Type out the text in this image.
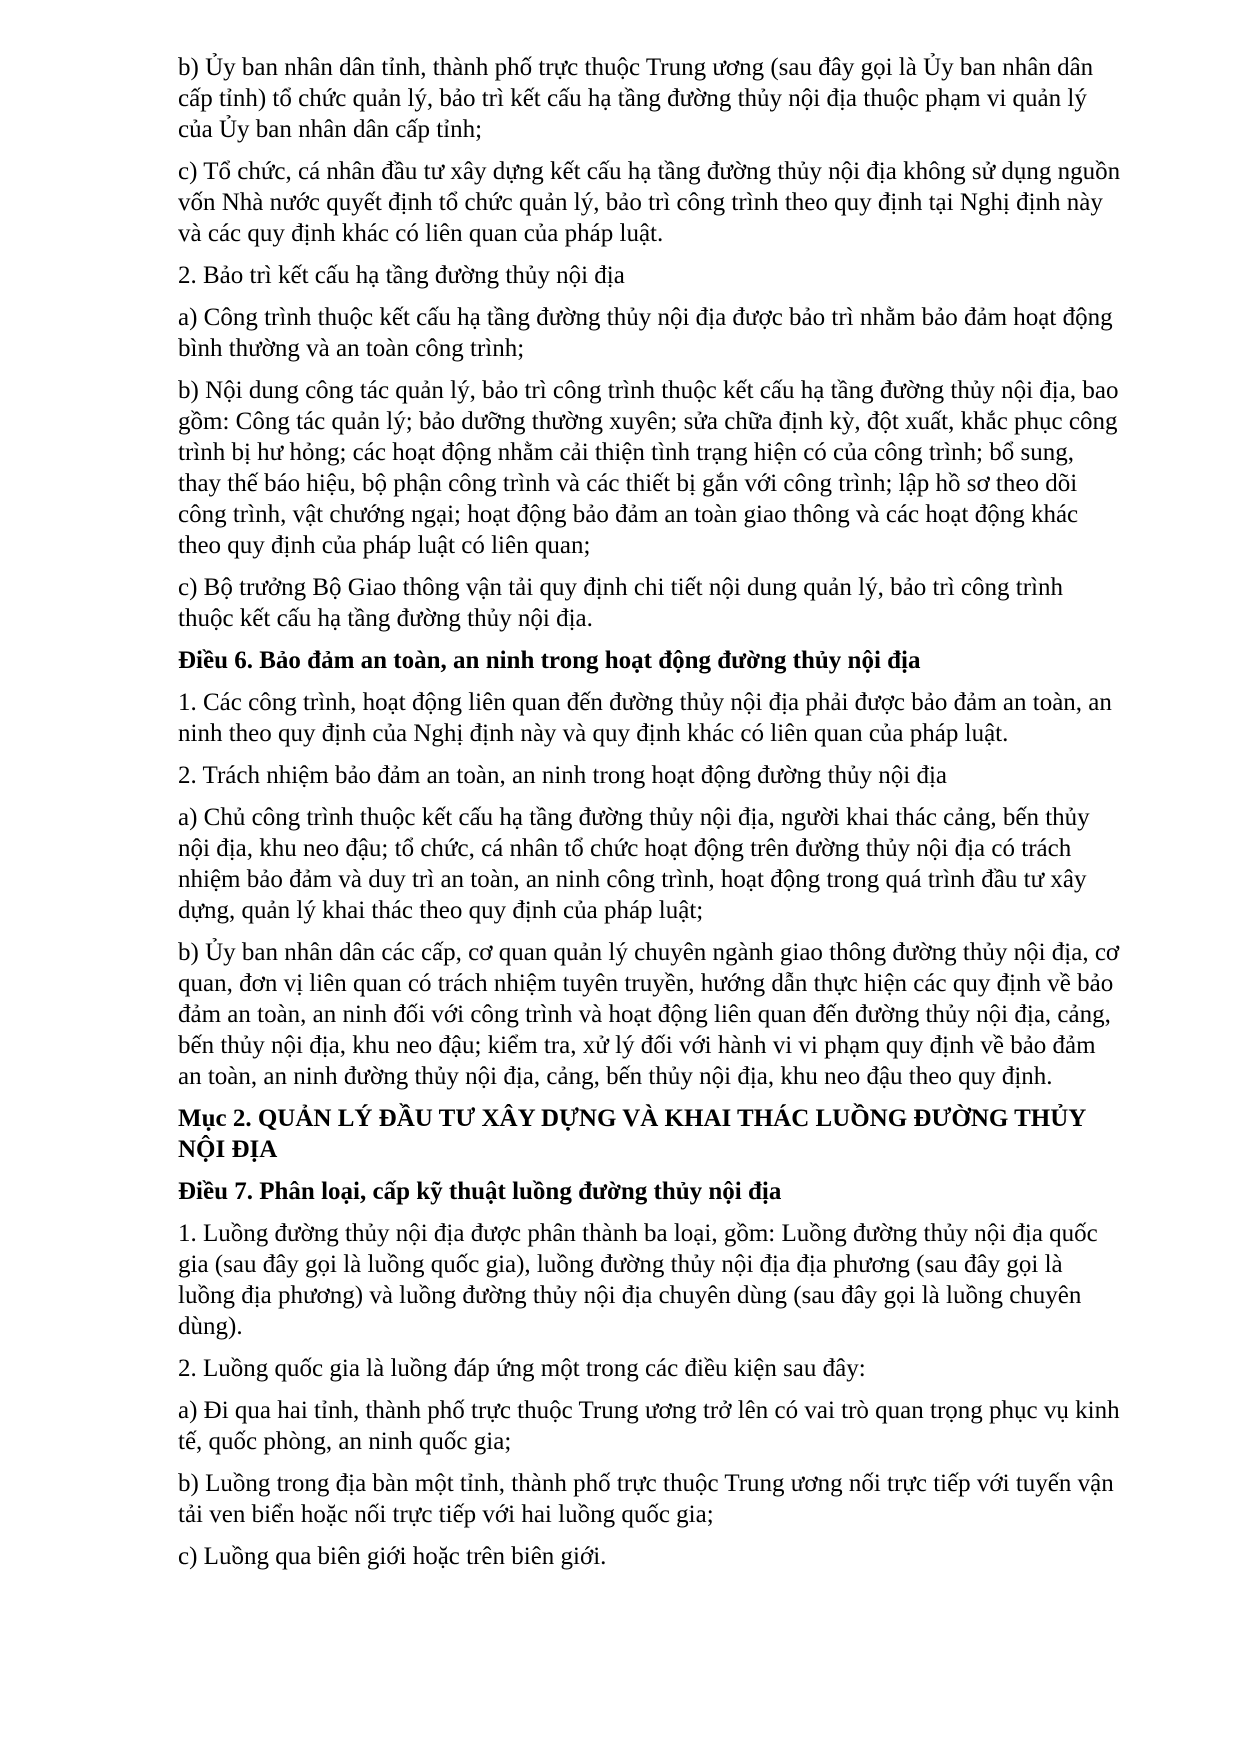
b) Ủy ban nhân dân tỉnh, thành phố trực thuộc Trung ương (sau đây gọi là Ủy ban nhân dân cấp tỉnh) tổ chức quản lý, bảo trì kết cấu hạ tầng đường thủy nội địa thuộc phạm vi quản lý của Ủy ban nhân dân cấp tỉnh;

c) Tổ chức, cá nhân đầu tư xây dựng kết cấu hạ tầng đường thủy nội địa không sử dụng nguồn vốn Nhà nước quyết định tổ chức quản lý, bảo trì công trình theo quy định tại Nghị định này và các quy định khác có liên quan của pháp luật.

2. Bảo trì kết cấu hạ tầng đường thủy nội địa

a) Công trình thuộc kết cấu hạ tầng đường thủy nội địa được bảo trì nhằm bảo đảm hoạt động bình thường và an toàn công trình;

b) Nội dung công tác quản lý, bảo trì công trình thuộc kết cấu hạ tầng đường thủy nội địa, bao gồm: Công tác quản lý; bảo dưỡng thường xuyên; sửa chữa định kỳ, đột xuất, khắc phục công trình bị hư hỏng; các hoạt động nhằm cải thiện tình trạng hiện có của công trình; bổ sung, thay thế báo hiệu, bộ phận công trình và các thiết bị gắn với công trình; lập hồ sơ theo dõi công trình, vật chướng ngại; hoạt động bảo đảm an toàn giao thông và các hoạt động khác theo quy định của pháp luật có liên quan;

c) Bộ trưởng Bộ Giao thông vận tải quy định chi tiết nội dung quản lý, bảo trì công trình thuộc kết cấu hạ tầng đường thủy nội địa.

Điều 6. Bảo đảm an toàn, an ninh trong hoạt động đường thủy nội địa

1. Các công trình, hoạt động liên quan đến đường thủy nội địa phải được bảo đảm an toàn, an ninh theo quy định của Nghị định này và quy định khác có liên quan của pháp luật.

2. Trách nhiệm bảo đảm an toàn, an ninh trong hoạt động đường thủy nội địa

a) Chủ công trình thuộc kết cấu hạ tầng đường thủy nội địa, người khai thác cảng, bến thủy nội địa, khu neo đậu; tổ chức, cá nhân tổ chức hoạt động trên đường thủy nội địa có trách nhiệm bảo đảm và duy trì an toàn, an ninh công trình, hoạt động trong quá trình đầu tư xây dựng, quản lý khai thác theo quy định của pháp luật;

b) Ủy ban nhân dân các cấp, cơ quan quản lý chuyên ngành giao thông đường thủy nội địa, cơ quan, đơn vị liên quan có trách nhiệm tuyên truyền, hướng dẫn thực hiện các quy định về bảo đảm an toàn, an ninh đối với công trình và hoạt động liên quan đến đường thủy nội địa, cảng, bến thủy nội địa, khu neo đậu; kiểm tra, xử lý đối với hành vi vi phạm quy định về bảo đảm an toàn, an ninh đường thủy nội địa, cảng, bến thủy nội địa, khu neo đậu theo quy định.

Mục 2. QUẢN LÝ ĐẦU TƯ XÂY DỰNG VÀ KHAI THÁC LUỒNG ĐƯỜNG THỦY NỘI ĐỊA

Điều 7. Phân loại, cấp kỹ thuật luồng đường thủy nội địa

1. Luồng đường thủy nội địa được phân thành ba loại, gồm: Luồng đường thủy nội địa quốc gia (sau đây gọi là luồng quốc gia), luồng đường thủy nội địa địa phương (sau đây gọi là luồng địa phương) và luồng đường thủy nội địa chuyên dùng (sau đây gọi là luồng chuyên dùng).

2. Luồng quốc gia là luồng đáp ứng một trong các điều kiện sau đây:

a) Đi qua hai tỉnh, thành phố trực thuộc Trung ương trở lên có vai trò quan trọng phục vụ kinh tế, quốc phòng, an ninh quốc gia;

b) Luồng trong địa bàn một tỉnh, thành phố trực thuộc Trung ương nối trực tiếp với tuyến vận tải ven biển hoặc nối trực tiếp với hai luồng quốc gia;

c) Luồng qua biên giới hoặc trên biên giới.
